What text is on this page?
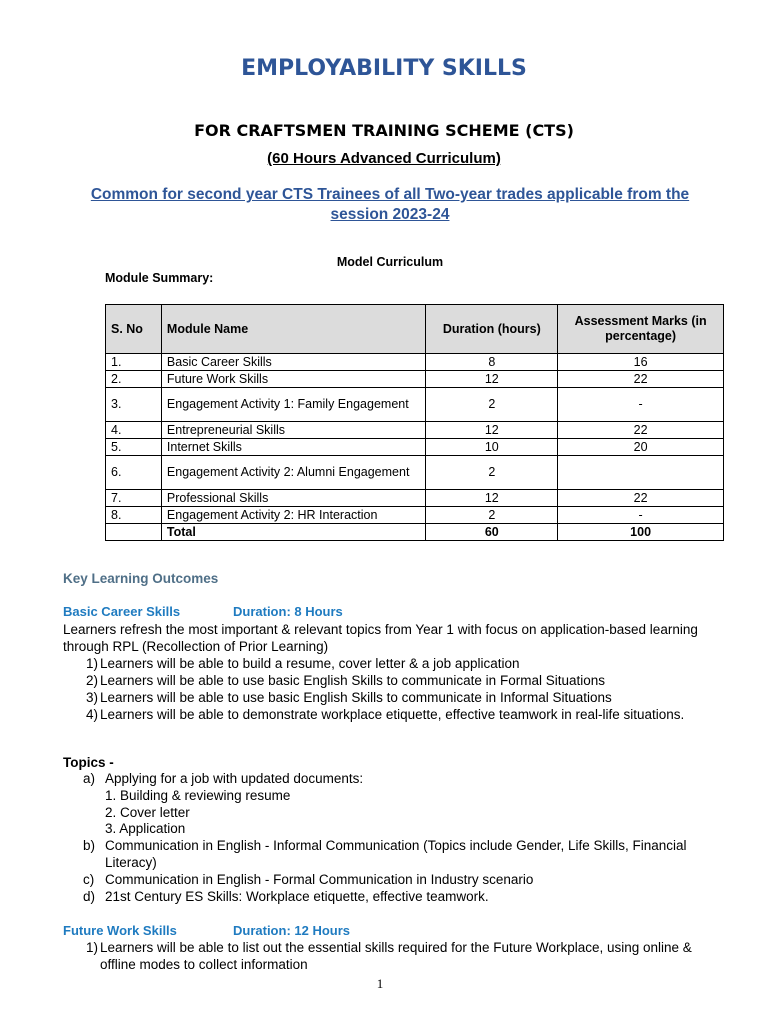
EMPLOYABILITY SKILLS
FOR CRAFTSMEN TRAINING SCHEME (CTS)
(60 Hours Advanced Curriculum)
Common for second year CTS Trainees of all Two-year trades applicable from the session 2023-24
Model Curriculum
Module Summary:
S. No	Module Name	Duration (hours)	Assessment Marks (in percentage)
1.	Basic Career Skills	8	16
2.	Future Work Skills	12	22
3.	Engagement Activity 1: Family Engagement	2	-
4.	Entrepreneurial Skills	12	22
5.	Internet Skills	10	20
6.	Engagement Activity 2: Alumni Engagement	2	
7.	Professional Skills	12	22
8.	Engagement Activity 2: HR Interaction	2	-
	Total	60	100
Key Learning Outcomes
Basic Career Skills	Duration: 8 Hours
Learners refresh the most important & relevant topics from Year 1 with focus on application-based learning through RPL (Recollection of Prior Learning)
1) Learners will be able to build a resume, cover letter & a job application
2) Learners will be able to use basic English Skills to communicate in Formal Situations
3) Learners will be able to use basic English Skills to communicate in Informal Situations
4) Learners will be able to demonstrate workplace etiquette, effective teamwork in real-life situations.
Topics -
a) Applying for a job with updated documents:
1. Building & reviewing resume
2. Cover letter
3. Application
b) Communication in English - Informal Communication (Topics include Gender, Life Skills, Financial Literacy)
c) Communication in English - Formal Communication in Industry scenario
d) 21st Century ES Skills: Workplace etiquette, effective teamwork.
Future Work Skills	Duration: 12 Hours
1) Learners will be able to list out the essential skills required for the Future Workplace, using online & offline modes to collect information
1
